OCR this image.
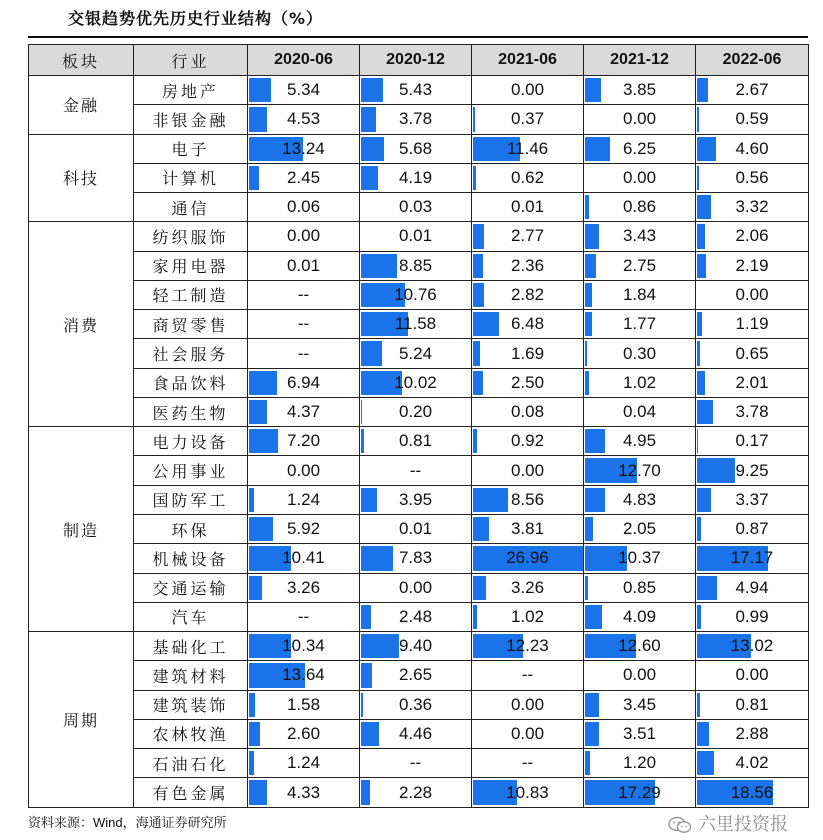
交银趋势优先历史行业结构（%）
板块	行业	2020-06	2020-12	2021-06	2021-12	2022-06
金融	房地产	5.34	5.43	0.00	3.85	2.67

	非银金融	4.53	3.78	0.37	0.00	0.59

科技	电子	13.24	5.68	11.46	6.25	4.60

	计算机	2.45	4.19	0.62	0.00	0.56

	通信	0.06	0.03	0.01	0.86	3.32

消费	纺织服饰	0.00	0.01	2.77	3.43	2.06

	家用电器	0.01	8.85	2.36	2.75	2.19

	轻工制造	--	10.76	2.82	1.84	0.00

	商贸零售	--	11.58	6.48	1.77	1.19

	社会服务	--	5.24	1.69	0.30	0.65

	食品饮料	6.94	10.02	2.50	1.02	2.01

	医药生物	4.37	0.20	0.08	0.04	3.78

制造	电力设备	7.20	0.81	0.92	4.95	0.17

	公用事业	0.00	--	0.00	12.70	9.25

	国防军工	1.24	3.95	8.56	4.83	3.37

	环保	5.92	0.01	3.81	2.05	0.87

	机械设备	10.41	7.83	26.96	10.37	17.17

	交通运输	3.26	0.00	3.26	0.85	4.94

	汽车	--	2.48	1.02	4.09	0.99

周期	基础化工	10.34	9.40	12.23	12.60	13.02

	建筑材料	13.64	2.65	--	0.00	0.00

	建筑装饰	1.58	0.36	0.00	3.45	0.81

	农林牧渔	2.60	4.46	0.00	3.51	2.88

	石油石化	1.24	--	--	1.20	4.02

	有色金属	4.33	2.28	10.83	17.29	18.56
资料来源：Wind，海通证券研究所	六里投资报
